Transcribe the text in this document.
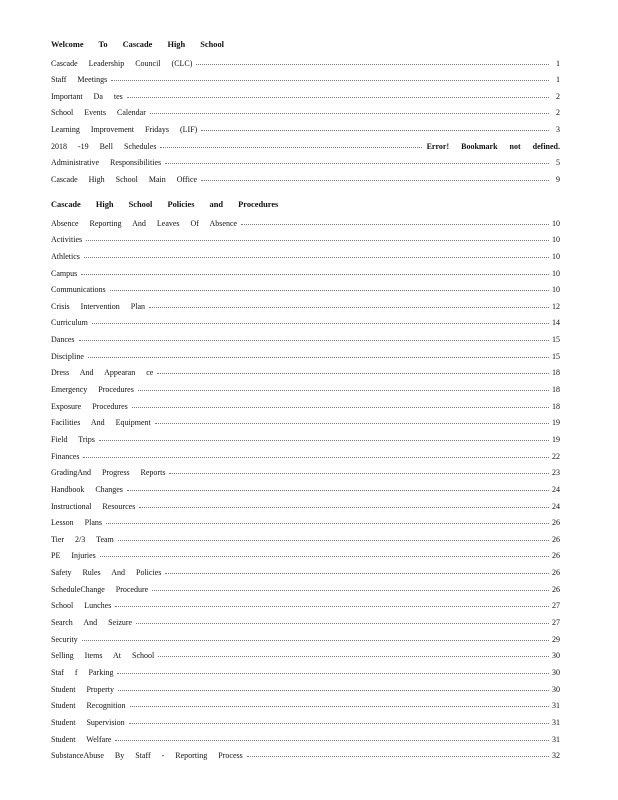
Welcome To Cascade High School
Cascade Leadership Council (CLC)	1
Staff Meetings	1
Important Da tes	2
School Events Calendar	2
Learning Improvement Fridays (LIF)	3
2018 -19 Bell Schedules	Error! Bookmark not defined.
Administrative Responsibilities	5
Cascade High School Main Office	9
Cascade High School Policies and Procedures
Absence Reporting And Leaves Of Absence	10
Activities	10
Athletics	10
Campus	10
Communications	10
Crisis Intervention Plan	12
Curriculum	14
Dances	15
Discipline	15
Dress And Appearan ce	18
Emergency Procedures	18
Exposure Procedures	18
Facilities And Equipment	19
Field Trips	19
Finances	22
GradingAnd Progress Reports	23
Handbook Changes	24
Instructional Resources	24
Lesson Plans	26
Tier 2/3 Team	26
PE Injuries	26
Safety Rules And Policies	26
ScheduleChange Procedure	26
School Lunches	27
Search And Seizure	27
Security	29
Selling Items At School	30
Staf f Parking	30
Student Property	30
Student Recognition	31
Student Supervision	31
Student Welfare	31
SubstanceAbuse By Staff - Reporting Process	32
